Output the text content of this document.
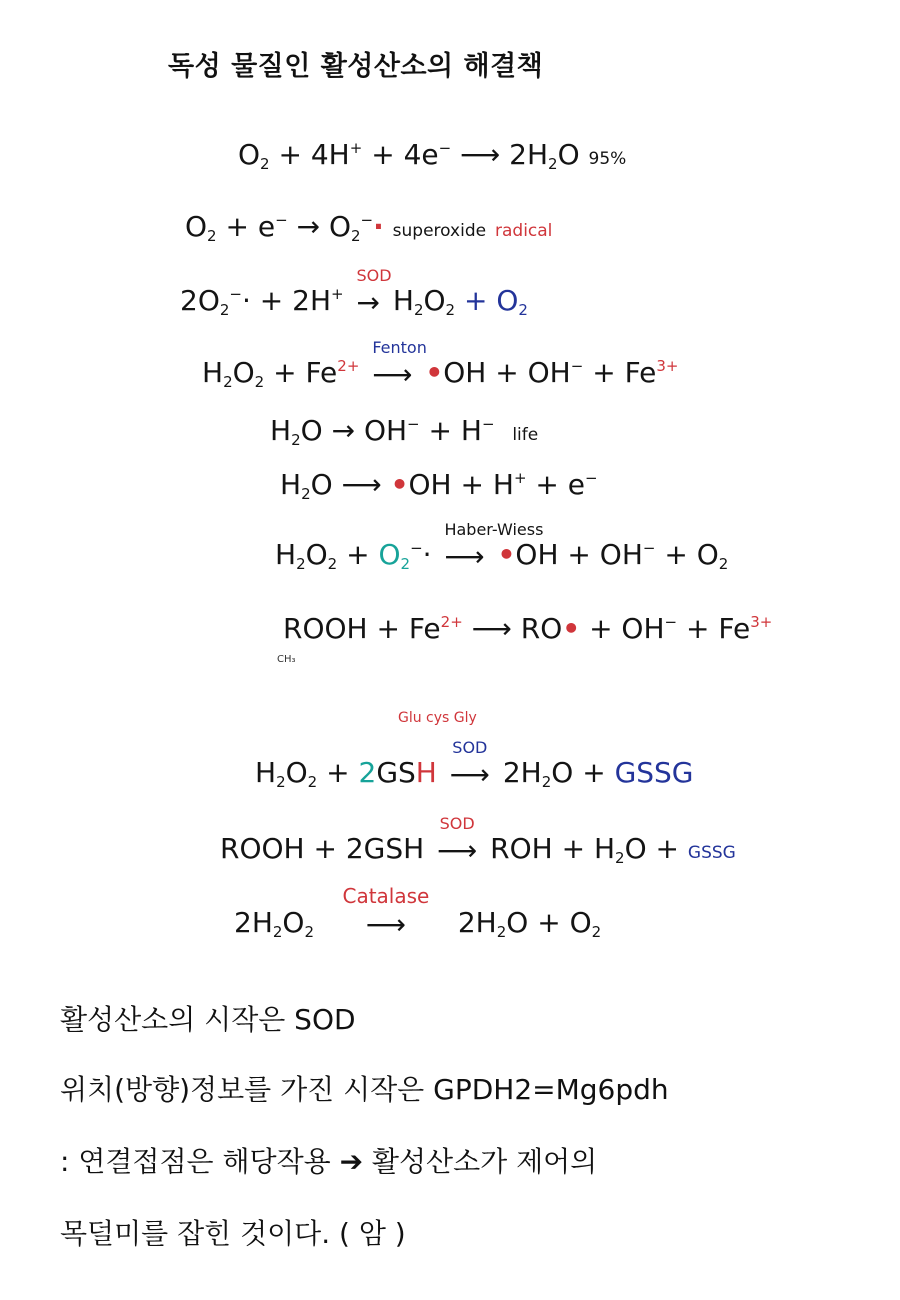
독성 물질인 활성산소의 해결책
$O_2 + 4H^+ + 4e^-$ ⟶ $2H_2O$ 95%
$O_2 + e^- \to O_2^-\cdot$ superoxide radical
$2O_2^-\cdot + 2H^+$
SOD
→ $H_2O_2 + O_2$
$H_2O_2 + Fe^{2+}$
Fenton
⟶ •OH + $OH^- + Fe^{3+}$
$H_2O \to OH^- + H^-$  life
$H_2O$ ⟶ •OH + H+ + e−
$H_2O_2 + O_2^-\cdot$
Haber-Wiess
⟶ •OH + $OH^- + O_2$
ROOH + $Fe^{2+}$ ⟶ RO• + $OH^- + Fe^{3+}$
CH₃
Glu cys Gly
$H_2O_2 + 2GSH$
SOD
⟶ $2H_2O$ + GSSG
ROOH + 2GSH
SOD
⟶ ROH + $H_2O$ + GSSG
$2H_2O_2$
Catalase
⟶ $2H_2O + O_2$
활성산소의 시작은 SOD
위치(방향)정보를 가진 시작은 GPDH2=Mg6pdh
: 연결접점은 해당작용 ➔ 활성산소가 제어의
목덜미를 잡힌 것이다. ( 암 )
